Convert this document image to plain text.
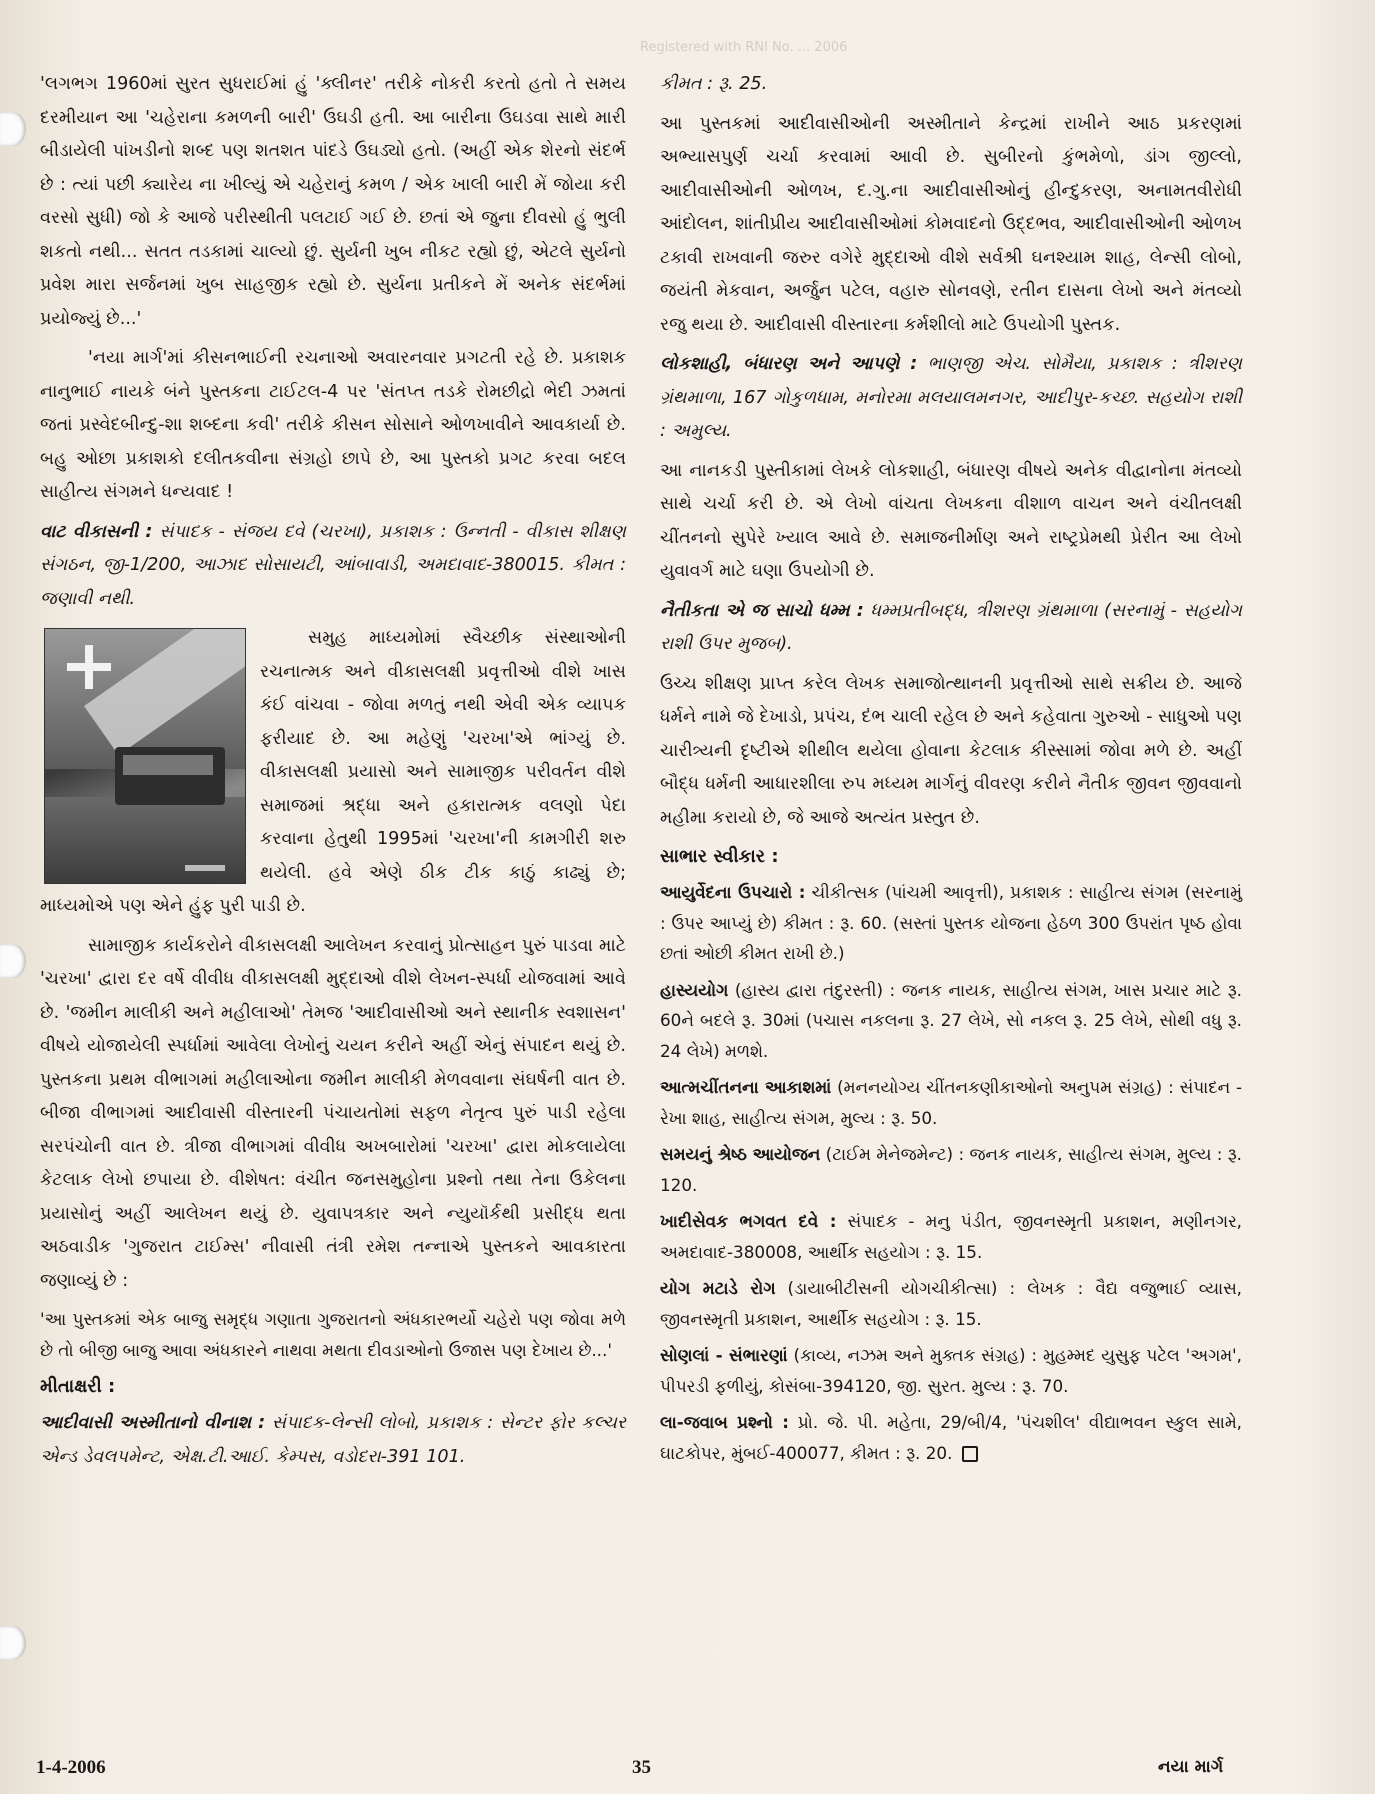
Registered with RNI No. ... 2006

'લગભગ 1960માં સુરત સુધરાઈમાં હું 'ક્લીનર' તરીકે નોકરી કરતો હતો તે સમય દરમીયાન આ 'ચહેરાના કમળની બારી' ઉઘડી હતી. આ બારીના ઉઘડવા સાથે મારી બીડાયેલી પાંખડીનો શબ્દ પણ શતશત પાંદડે ઉઘડ્યો હતો. (અહીં એક શેરનો સંદર્ભ છે : ત્યાં પછી ક્યારેય ના ખીલ્યું એ ચહેરાનું કમળ / એક ખાલી બારી મેં જોયા કરી વરસો સુધી) જો કે આજે પરીસ્થીતી પલટાઈ ગઈ છે. છતાં એ જુના દીવસો હું ભુલી શકતો નથી... સતત તડકામાં ચાલ્યો છું. સુર્યની ખુબ નીકટ રહ્યો છું, એટલે સુર્યનો પ્રવેશ મારા સર્જનમાં ખુબ સાહજીક રહ્યો છે. સુર્યના પ્રતીકને મેં અનેક સંદર્ભમાં પ્રયોજ્યું છે...'

'નયા માર્ગ'માં કીસનભાઈની રચનાઓ અવારનવાર પ્રગટતી રહે છે. પ્રકાશક નાનુભાઈ નાયકે બંને પુસ્તકના ટાઈટલ-4 પર 'સંતપ્ત તડકે રોમછીદ્રો ભેદી ઝમતાં જતાં પ્રસ્વેદબીન્દુ-શા શબ્દના કવી' તરીકે કીસન સોસાને ઓળખાવીને આવકાર્યા છે. બહુ ઓછા પ્રકાશકો દલીતકવીના સંગ્રહો છાપે છે, આ પુસ્તકો પ્રગટ કરવા બદલ સાહીત્ય સંગમને ધન્યવાદ !

વાટ વીકાસની : સંપાદક - સંજય દવે (ચરખા), પ્રકાશક : ઉન્નતી - વીકાસ શીક્ષણ સંગઠન, જી-1/200, આઝાદ સોસાયટી, આંબાવાડી, અમદાવાદ-380015. કીમત : જણાવી નથી.

સમુહ માધ્યમોમાં સ્વૈચ્છીક સંસ્થાઓની રચનાત્મક અને વીકાસલક્ષી પ્રવૃત્તીઓ વીશે ખાસ કંઈ વાંચવા - જોવા મળતું નથી એવી એક વ્યાપક ફરીયાદ છે. આ મહેણું 'ચરખા'એ ભાંગ્યું છે. વીકાસલક્ષી પ્રયાસો અને સામાજીક પરીવર્તન વીશે સમાજમાં શ્રદ્ધા અને હકારાત્મક વલણો પેદા કરવાના હેતુથી 1995માં 'ચરખા'ની કામગીરી શરુ થયેલી. હવે એણે ઠીક ટીક કાઠું કાઢ્યું છે; માધ્યમોએ પણ એને હુંફ પુરી પાડી છે.

સામાજીક કાર્યકરોને વીકાસલક્ષી આલેખન કરવાનું પ્રોત્સાહન પુરું પાડવા માટે 'ચરખા' દ્વારા દર વર્ષે વીવીધ વીકાસલક્ષી મુદ્દાઓ વીશે લેખન-સ્પર્ધા યોજવામાં આવે છે. 'જમીન માલીકી અને મહીલાઓ' તેમજ 'આદીવાસીઓ અને સ્થાનીક સ્વશાસન' વીષયે યોજાયેલી સ્પર્ધામાં આવેલા લેખોનું ચયન કરીને અહીં એનું સંપાદન થયું છે. પુસ્તકના પ્રથમ વીભાગમાં મહીલાઓના જમીન માલીકી મેળવવાના સંઘર્ષની વાત છે. બીજા વીભાગમાં આદીવાસી વીસ્તારની પંચાયતોમાં સફળ નેતૃત્વ પુરું પાડી રહેલા સરપંચોની વાત છે. ત્રીજા વીભાગમાં વીવીધ અખબારોમાં 'ચરખા' દ્વારા મોકલાયેલા કેટલાક લેખો છપાયા છે. વીશેષત: વંચીત જનસમુહોના પ્રશ્નો તથા તેના ઉકેલના પ્રયાસોનું અહીં આલેખન થયું છે. યુવાપત્રકાર અને ન્યુયૉર્કથી પ્રસીદ્ધ થતા અઠવાડીક 'ગુજરાત ટાઈમ્સ' નીવાસી તંત્રી રમેશ તન્નાએ પુસ્તકને આવકારતા જણાવ્યું છે :

'આ પુસ્તકમાં એક બાજુ સમૃદ્ધ ગણાતા ગુજરાતનો અંધકારભર્યો ચહેરો પણ જોવા મળે છે તો બીજી બાજુ આવા અંધકારને નાથવા મથતા દીવડાઓનો ઉજાસ પણ દેખાય છે...'

મીતાક્ષરી :

આદીવાસી અસ્મીતાનો વીનાશ : સંપાદક-લેન્સી લોબો, પ્રકાશક : સેન્ટર ફોર કલ્ચર એન્ડ ડેવલપમેન્ટ, એક્ષ.ટી.આઈ. કેમ્પસ, વડોદરા-391 101.

કીમત : રૂ. 25.

આ પુસ્તકમાં આદીવાસીઓની અસ્મીતાને કેન્દ્રમાં રાખીને આઠ પ્રકરણમાં અભ્યાસપુર્ણ ચર્ચા કરવામાં આવી છે. સુબીરનો કુંભમેળો, ડાંગ જીલ્લો, આદીવાસીઓની ઓળખ, દ.ગુ.ના આદીવાસીઓનું હીન્દુકરણ, અનામતવીરોધી આંદોલન, શાંતીપ્રીય આદીવાસીઓમાં કોમવાદનો ઉદ્દભવ, આદીવાસીઓની ઓળખ ટકાવી રાખવાની જરુર વગેરે મુદ્દાઓ વીશે સર્વશ્રી ઘનશ્યામ શાહ, લેન્સી લોબો, જયંતી મેકવાન, અર્જુન પટેલ, વહારુ સોનવણે, રતીન દાસના લેખો અને મંતવ્યો રજુ થયા છે. આદીવાસી વીસ્તારના કર્મશીલો માટે ઉપયોગી પુસ્તક.

લોકશાહી, બંધારણ અને આપણે : ભાણજી એચ. સોમૈયા, પ્રકાશક : ત્રીશરણ ગ્રંથમાળા, 167 ગોકુળધામ, મનોરમા મલયાલમનગર, આદીપુર-કચ્છ. સહયોગ રાશી : અમુલ્ય.

આ નાનકડી પુસ્તીકામાં લેખકે લોકશાહી, બંધારણ વીષયે અનેક વીદ્વાનોના મંતવ્યો સાથે ચર્ચા કરી છે. એ લેખો વાંચતા લેખકના વીશાળ વાચન અને વંચીતલક્ષી ચીંતનનો સુપેરે ખ્યાલ આવે છે. સમાજનીર્માણ અને રાષ્ટ્રપ્રેમથી પ્રેરીત આ લેખો યુવાવર્ગ માટે ઘણા ઉપયોગી છે.

નૈતીકતા એ જ સાચો ધમ્મ : ધમ્મપ્રતીબદ્ધ, ત્રીશરણ ગ્રંથમાળા (સરનામું - સહયોગ રાશી ઉપર મુજબ).

ઉચ્ચ શીક્ષણ પ્રાપ્ત કરેલ લેખક સમાજોત્થાનની પ્રવૃત્તીઓ સાથે સક્રીય છે. આજે ધર્મને નામે જે દેખાડો, પ્રપંચ, દંભ ચાલી રહેલ છે અને કહેવાતા ગુરુઓ - સાધુઓ પણ ચારીત્ર્યની દૃષ્ટીએ શીથીલ થયેલા હોવાના કેટલાક કીસ્સામાં જોવા મળે છે. અહીં બૌદ્ધ ધર્મની આધારશીલા રુપ મધ્યમ માર્ગનું વીવરણ કરીને નૈતીક જીવન જીવવાનો મહીમા કરાયો છે, જે આજે અત્યંત પ્રસ્તુત છે.

સાભાર સ્વીકાર :

આયુર્વેદના ઉપચારો : ચીકીત્સક (પાંચમી આવૃત્તી), પ્રકાશક : સાહીત્ય સંગમ (સરનામું : ઉપર આપ્યું છે) કીમત : રૂ. 60. (સસ્તાં પુસ્તક યોજના હેઠળ 300 ઉપરાંત પૃષ્ઠ હોવા છતાં ઓછી કીમત રાખી છે.)

હાસ્યયોગ (હાસ્ય દ્વારા તંદુરસ્તી) : જનક નાયક, સાહીત્ય સંગમ, ખાસ પ્રચાર માટે રૂ. 60ને બદલે રૂ. 30માં (પચાસ નકલના રૂ. 27 લેખે, સો નકલ રૂ. 25 લેખે, સોથી વધુ રૂ. 24 લેખે) મળશે.

આત્મચીંતનના આકાશમાં (મનનયોગ્ય ચીંતનકણીકાઓનો અનુપમ સંગ્રહ) : સંપાદન - રેખા શાહ, સાહીત્ય સંગમ, મુલ્ય : રૂ. 50.

સમયનું શ્રેષ્ઠ આયોજન (ટાઈમ મેનેજમેન્ટ) : જનક નાયક, સાહીત્ય સંગમ, મુલ્ય : રૂ. 120.

ખાદીસેવક ભગવત દવે : સંપાદક - મનુ પંડીત, જીવનસ્મૃતી પ્રકાશન, મણીનગર, અમદાવાદ-380008, આર્થીક સહયોગ : રૂ. 15.

યોગ મટાડે રોગ (ડાયાબીટીસની યોગચીકીત્સા) : લેખક : વૈદ્ય વજુભાઈ વ્યાસ, જીવનસ્મૃતી પ્રકાશન, આર્થીક સહયોગ : રૂ. 15.

સોણલાં - સંભારણાં (કાવ્ય, નઝમ અને મુક્તક સંગ્રહ) : મુહમ્મદ યુસુફ પટેલ 'અગમ', પીપરડી ફળીયું, કોસંબા-394120, જી. સુરત. મુલ્ય : રૂ. 70.

લા-જવાબ પ્રશ્નો : પ્રો. જે. પી. મહેતા, 29/બી/4, 'પંચશીલ' વીદ્યાભવન સ્કુલ સામે, ઘાટકોપર, મુંબઈ-400077, કીમત : રૂ. 20.

1-4-2006	35	નયા માર્ગ
